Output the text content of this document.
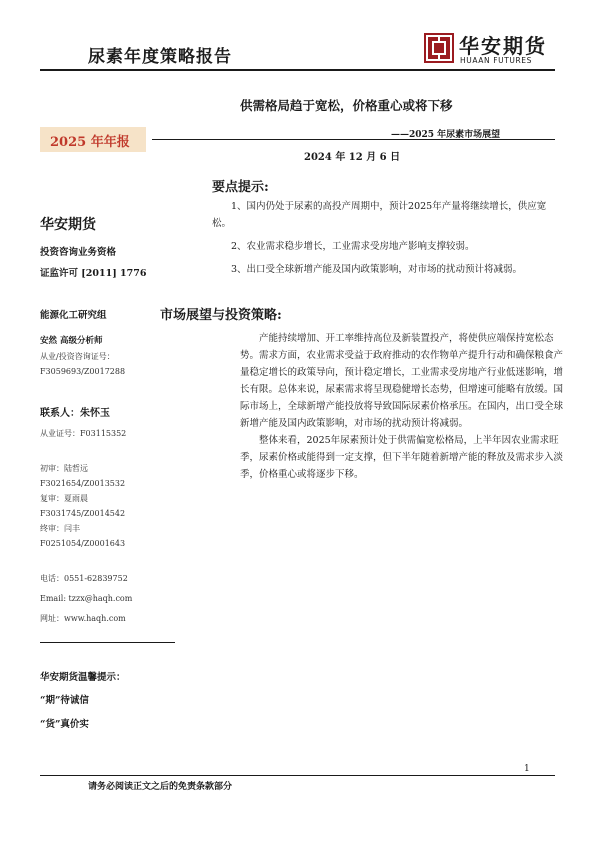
尿素年度策略报告	华安期货
HUAAN FUTURES
供需格局趋于宽松，价格重心或将下移
2025 年年报	——2025 年尿素市场展望
2024 年 12 月 6 日
要点提示:

1、国内仍处于尿素的高投产周期中，预计2025年产量将继续增长，供应宽松。

2、农业需求稳步增长，工业需求受房地产影响支撑较弱。

3、出口受全球新增产能及国内政策影响，对市场的扰动预计将减弱。

华安期货
投资咨询业务资格
证监许可 [2011] 1776
能源化工研究组
安然 高级分析师
从业/投资咨询证号：
F3059693/Z0017288
联系人：朱怀玉
从业证号：F03115352
初审：陆哲远
F3021654/Z0013532
复审：夏雨晨
F3031745/Z0014542
终审：闫丰
F0251054/Z0001643
电话：0551-62839752
Email: tzzx@haqh.com
网址：www.haqh.com
华安期货温馨提示：
“期”待诚信
“货”真价实
市场展望与投资策略:

产能持续增加、开工率维持高位及新装置投产，将使供应端保持宽松态势。需求方面，农业需求受益于政府推动的农作物单产提升行动和确保粮食产量稳定增长的政策导向，预计稳定增长，工业需求受房地产行业低迷影响，增长有限。总体来说，尿素需求将呈现稳健增长态势，但增速可能略有放缓。国际市场上，全球新增产能投放将导致国际尿素价格承压。在国内，出口受全球新增产能及国内政策影响，对市场的扰动预计将减弱。

整体来看，2025年尿素预计处于供需偏宽松格局，上半年因农业需求旺季，尿素价格或能得到一定支撑，但下半年随着新增产能的释放及需求步入淡季，价格重心或将逐步下移。

1
请务必阅读正文之后的免责条款部分
